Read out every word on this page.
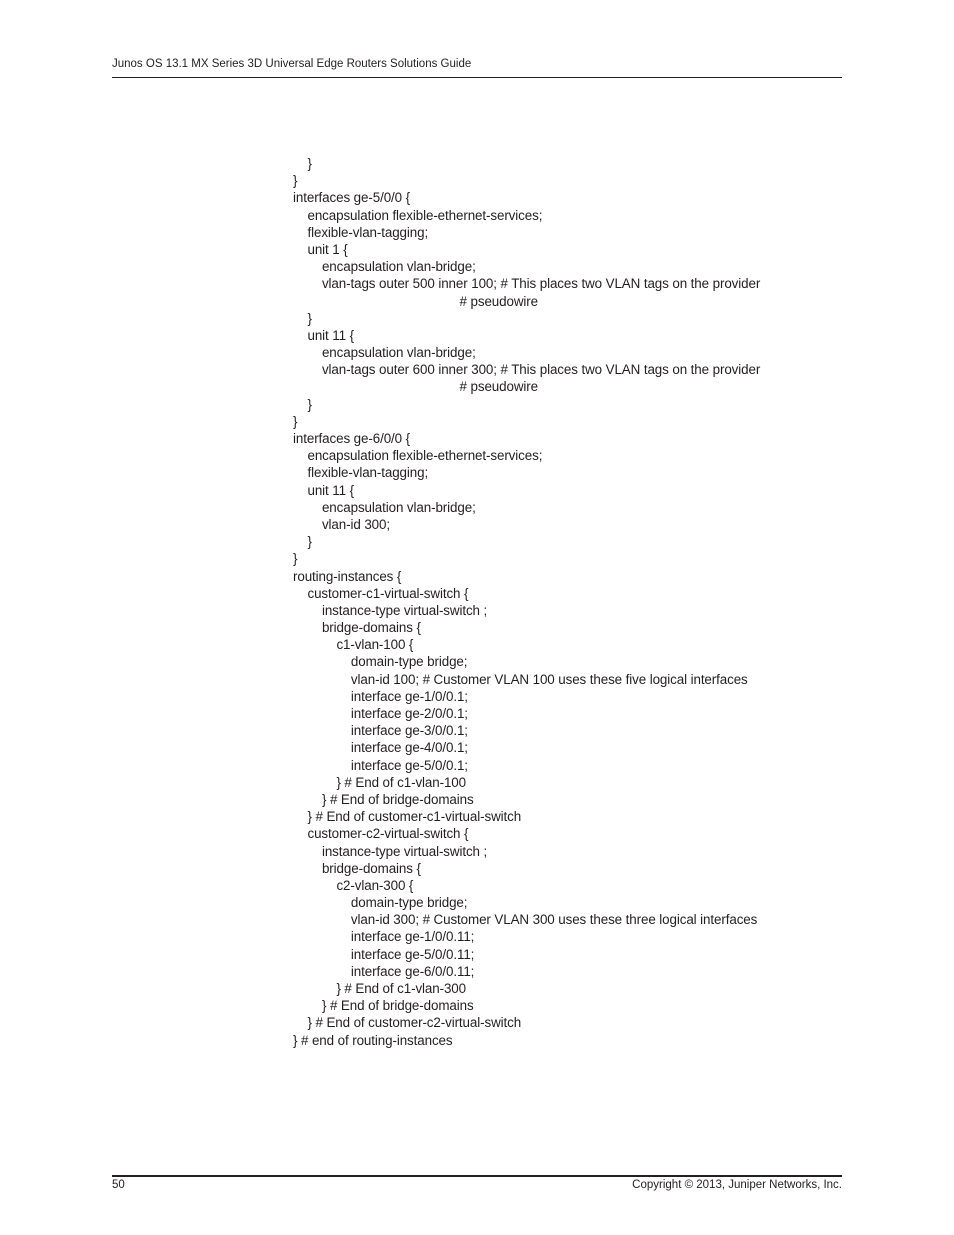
Junos OS 13.1 MX Series 3D Universal Edge Routers Solutions Guide
}
}
interfaces ge-5/0/0 {
encapsulation flexible-ethernet-services;
flexible-vlan-tagging;
unit 1 {
encapsulation vlan-bridge;
vlan-tags outer 500 inner 100; # This places two VLAN tags on the provider
# pseudowire
}
unit 11 {
encapsulation vlan-bridge;
vlan-tags outer 600 inner 300; # This places two VLAN tags on the provider
# pseudowire
}
}
interfaces ge-6/0/0 {
encapsulation flexible-ethernet-services;
flexible-vlan-tagging;
unit 11 {
encapsulation vlan-bridge;
vlan-id 300;
}
}
routing-instances {
customer-c1-virtual-switch {
instance-type virtual-switch ;
bridge-domains {
c1-vlan-100 {
domain-type bridge;
vlan-id 100; # Customer VLAN 100 uses these five logical interfaces
interface ge-1/0/0.1;
interface ge-2/0/0.1;
interface ge-3/0/0.1;
interface ge-4/0/0.1;
interface ge-5/0/0.1;
} # End of c1-vlan-100
} # End of bridge-domains
} # End of customer-c1-virtual-switch
customer-c2-virtual-switch {
instance-type virtual-switch ;
bridge-domains {
c2-vlan-300 {
domain-type bridge;
vlan-id 300; # Customer VLAN 300 uses these three logical interfaces
interface ge-1/0/0.11;
interface ge-5/0/0.11;
interface ge-6/0/0.11;
} # End of c1-vlan-300
} # End of bridge-domains
} # End of customer-c2-virtual-switch
} # end of routing-instances
50	Copyright © 2013, Juniper Networks, Inc.
